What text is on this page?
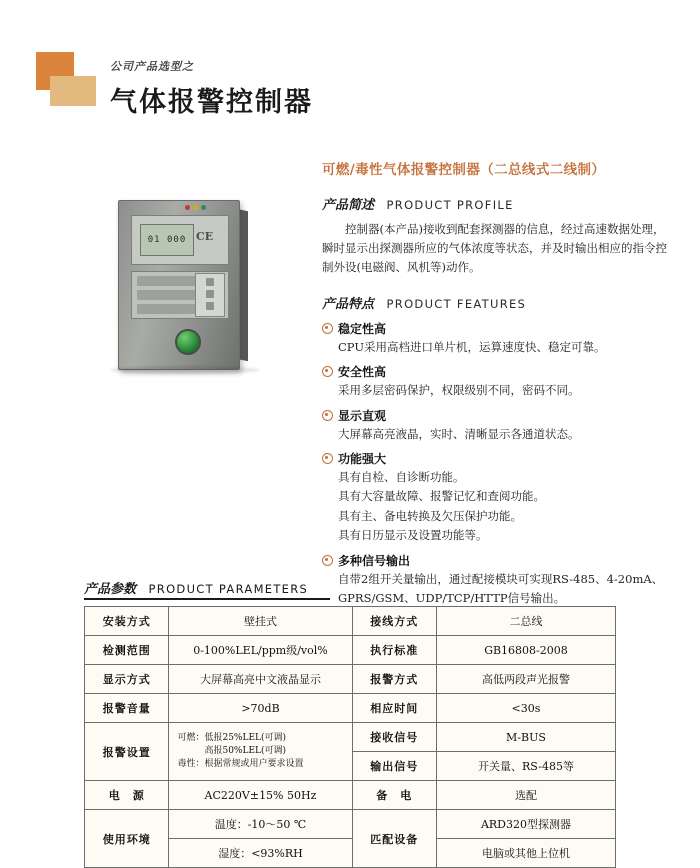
公司产品选型之
气体报警控制器
01 000 CE
可燃/毒性气体报警控制器（二总线式二线制）
产品简述 PRODUCT PROFILE
控制器(本产品)接收到配套探测器的信息，经过高速数据处理，瞬时显示出探测器所应的气体浓度等状态，并及时输出相应的指令控制外设(电磁阀、风机等)动作。
产品特点 PRODUCT FEATURES
稳定性高
CPU采用高档进口单片机，运算速度快、稳定可靠。
安全性高
采用多层密码保护，权限级别不同，密码不同。
显示直观
大屏幕高亮液晶，实时、清晰显示各通道状态。
功能强大
具有自检、自诊断功能。
具有大容量故障、报警记忆和查阅功能。
具有主、备电转换及欠压保护功能。
具有日历显示及设置功能等。
多种信号输出
自带2组开关量输出，通过配接模块可实现RS-485、4-20mA、
GPRS/GSM、UDP/TCP/HTTP信号输出。
产品参数 PRODUCT PARAMETERS
安装方式	壁挂式	接线方式	二总线
检测范围	0-100%LEL/ppm级/vol%	执行标准	GB16808-2008
显示方式	大屏幕高亮中文液晶显示	报警方式	高低两段声光报警
报警音量	>70dB	相应时间	<30s
报警设置	可燃：低报25%LEL(可调)
　　　高报50%LEL(可调)
毒性：根据常规或用户要求设置	接收信号	M-BUS
		输出信号	开关量、RS-485等
电　源	AC220V±15% 50Hz	备　电	选配
使用环境	温度：-10～50 ℃	匹配设备	ARD320型探测器
	湿度：<93%RH		电脑或其他上位机
